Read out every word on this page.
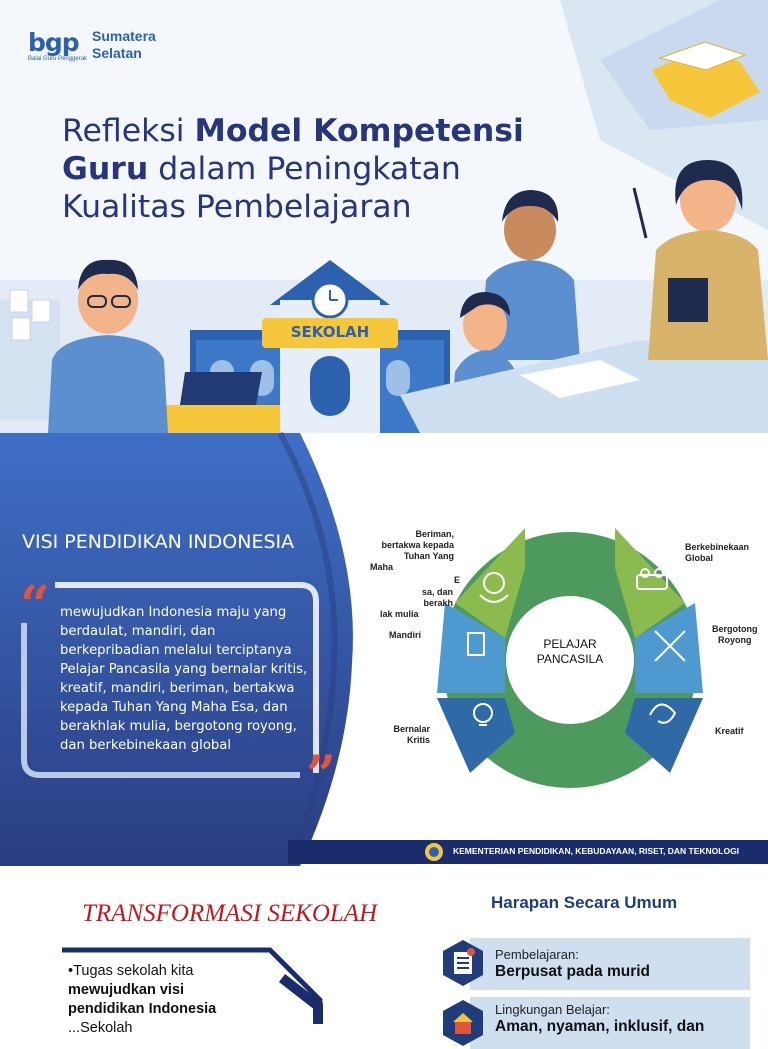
bgp
Balai Guru Penggerak
Sumatera
Selatan
Refleksi Model Kompetensi
Guru dalam Peningkatan
Kualitas Pembelajaran
SEKOLAH
“
”
VISI PENDIDIKAN INDONESIA
mewujudkan Indonesia maju yang berdaulat, mandiri, dan berkepribadian melalui terciptanya Pelajar Pancasila yang bernalar kritis, kreatif, mandiri, beriman, bertakwa kepada Tuhan Yang Maha Esa, dan berakhlak mulia, bergotong royong, dan berkebinekaan global
PELAJAR
PANCASILA
Beriman,
bertakwa kepada
Tuhan Yang
Maha
E
sa, dan
berakh
lak mulia
Mandiri
Bernalar
Kritis
Berkebinekaan
Global
Bergotong
Royong
Kreatif
KEMENTERIAN PENDIDIKAN, KEBUDAYAAN, RISET, DAN TEKNOLOGI
TRANSFORMASI SEKOLAH
•Tugas sekolah kita
mewujudkan visi pendidikan Indonesia
...Sekolah
Harapan Secara Umum
Pembelajaran:
Berpusat pada murid
Lingkungan Belajar:
Aman, nyaman, inklusif, dan
